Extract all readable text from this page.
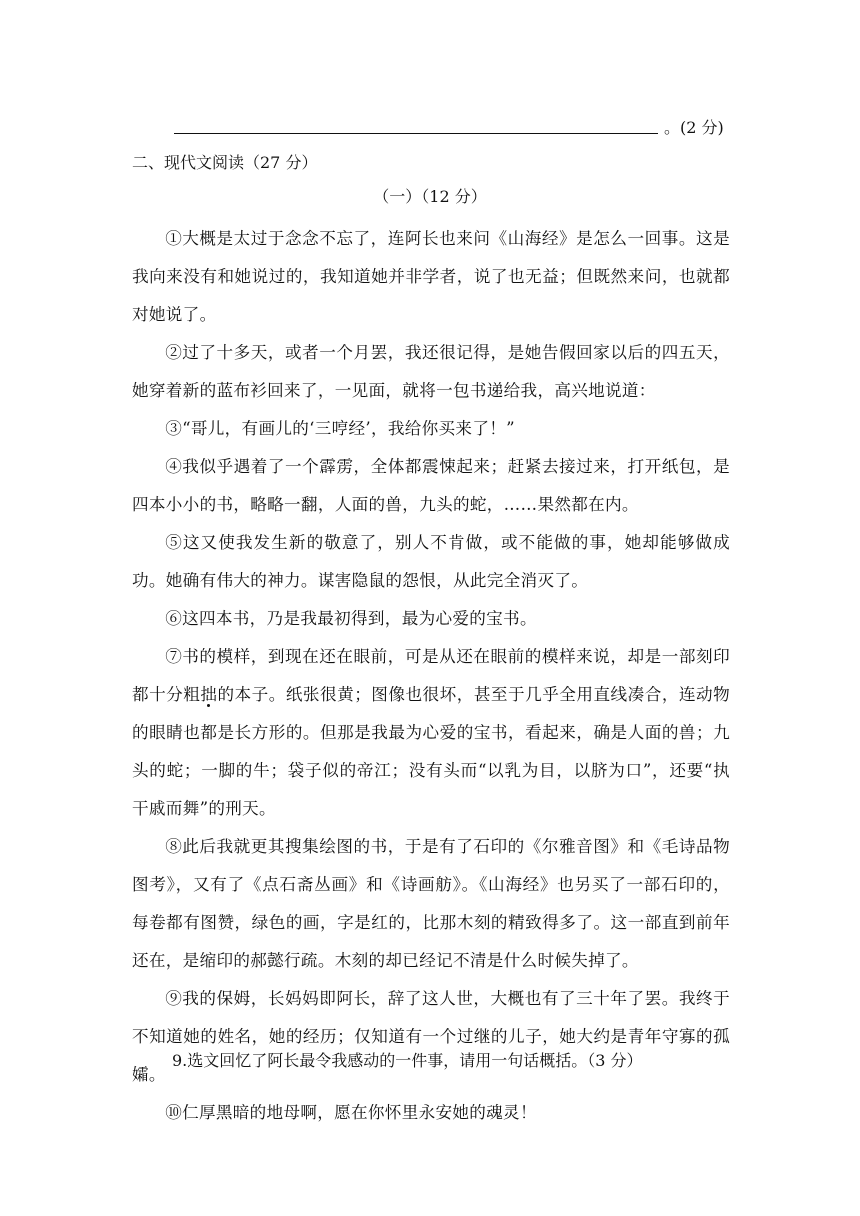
。(2 分)
二、现代文阅读（27 分）
（一）（12 分）

①大概是太过于念念不忘了，连阿长也来问《山海经》是怎么一回事。这是我向来没有和她说过的，我知道她并非学者，说了也无益；但既然来问，也就都对她说了。

②过了十多天，或者一个月罢，我还很记得，是她告假回家以后的四五天，她穿着新的蓝布衫回来了，一见面，就将一包书递给我，高兴地说道：

③“哥儿，有画儿的‘三哼经’，我给你买来了！”

④我似乎遇着了一个霹雳，全体都震悚起来；赶紧去接过来，打开纸包，是四本小小的书，略略一翻，人面的兽，九头的蛇，……果然都在内。

⑤这又使我发生新的敬意了，别人不肯做，或不能做的事，她却能够做成功。她确有伟大的神力。谋害隐鼠的怨恨，从此完全消灭了。

⑥这四本书，乃是我最初得到，最为心爱的宝书。

⑦书的模样，到现在还在眼前，可是从还在眼前的模样来说，却是一部刻印都十分粗拙的本子。纸张很黄；图像也很坏，甚至于几乎全用直线凑合，连动物的眼睛也都是长方形的。但那是我最为心爱的宝书，看起来，确是人面的兽；九头的蛇；一脚的牛；袋子似的帝江；没有头而“以乳为目，以脐为口”，还要“执干戚而舞”的刑天。

⑧此后我就更其搜集绘图的书，于是有了石印的《尔雅音图》和《毛诗品物图考》，又有了《点石斋丛画》和《诗画舫》。《山海经》也另买了一部石印的，每卷都有图赞，绿色的画，字是红的，比那木刻的精致得多了。这一部直到前年还在，是缩印的郝懿行疏。木刻的却已经记不清是什么时候失掉了。

⑨我的保姆，长妈妈即阿长，辞了这人世，大概也有了三十年了罢。我终于不知道她的姓名，她的经历；仅知道有一个过继的儿子，她大约是青年守寡的孤孀。

⑩仁厚黑暗的地母啊，愿在你怀里永安她的魂灵！

9.选文回忆了阿长最令我感动的一件事，请用一句话概括。（3 分）
